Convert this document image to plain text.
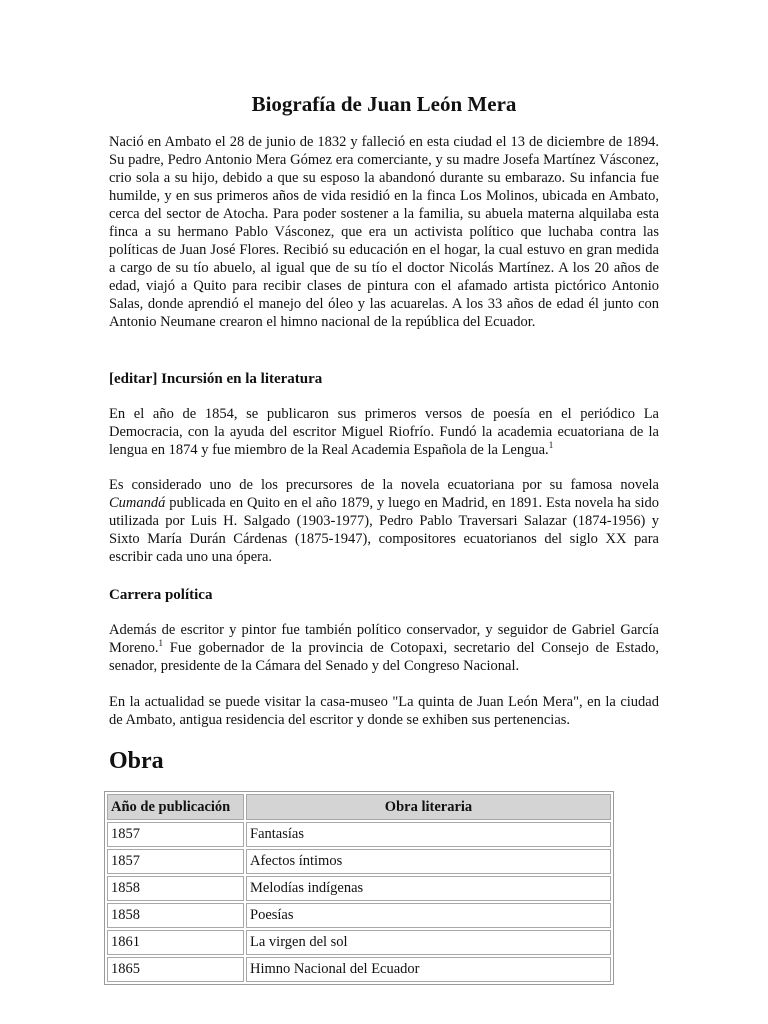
Biografía de Juan León Mera

Nació en Ambato el 28 de junio de 1832 y falleció en esta ciudad el 13 de diciembre de 1894. Su padre, Pedro Antonio Mera Gómez era comerciante, y su madre Josefa Martínez Vásconez, crio sola a su hijo, debido a que su esposo la abandonó durante su embarazo. Su infancia fue humilde, y en sus primeros años de vida residió en la finca Los Molinos, ubicada en Ambato, cerca del sector de Atocha. Para poder sostener a la familia, su abuela materna alquilaba esta finca a su hermano Pablo Vásconez, que era un activista político que luchaba contra las políticas de Juan José Flores. Recibió su educación en el hogar, la cual estuvo en gran medida a cargo de su tío abuelo, al igual que de su tío el doctor Nicolás Martínez. A los 20 años de edad, viajó a Quito para recibir clases de pintura con el afamado artista pictórico Antonio Salas, donde aprendió el manejo del óleo y las acuarelas. A los 33 años de edad él junto con Antonio Neumane crearon el himno nacional de la república del Ecuador.

[editar] Incursión en la literatura

En el año de 1854, se publicaron sus primeros versos de poesía en el periódico La Democracia, con la ayuda del escritor Miguel Riofrío. Fundó la academia ecuatoriana de la lengua en 1874 y fue miembro de la Real Academia Española de la Lengua.$^1$

Es considerado uno de los precursores de la novela ecuatoriana por su famosa novela Cumandá publicada en Quito en el año 1879, y luego en Madrid, en 1891. Esta novela ha sido utilizada por Luis H. Salgado (1903-1977), Pedro Pablo Traversari Salazar (1874-1956) y Sixto María Durán Cárdenas (1875-1947), compositores ecuatorianos del siglo XX para escribir cada uno una ópera.

Carrera política

Además de escritor y pintor fue también político conservador, y seguidor de Gabriel García Moreno.$^1$ Fue gobernador de la provincia de Cotopaxi, secretario del Consejo de Estado, senador, presidente de la Cámara del Senado y del Congreso Nacional.

En la actualidad se puede visitar la casa-museo "La quinta de Juan León Mera", en la ciudad de Ambato, antigua residencia del escritor y donde se exhiben sus pertenencias.

Obra
Año de publicación	Obra literaria
1857	Fantasías
1857	Afectos íntimos
1858	Melodías indígenas
1858	Poesías
1861	La virgen del sol
1865	Himno Nacional del Ecuador
